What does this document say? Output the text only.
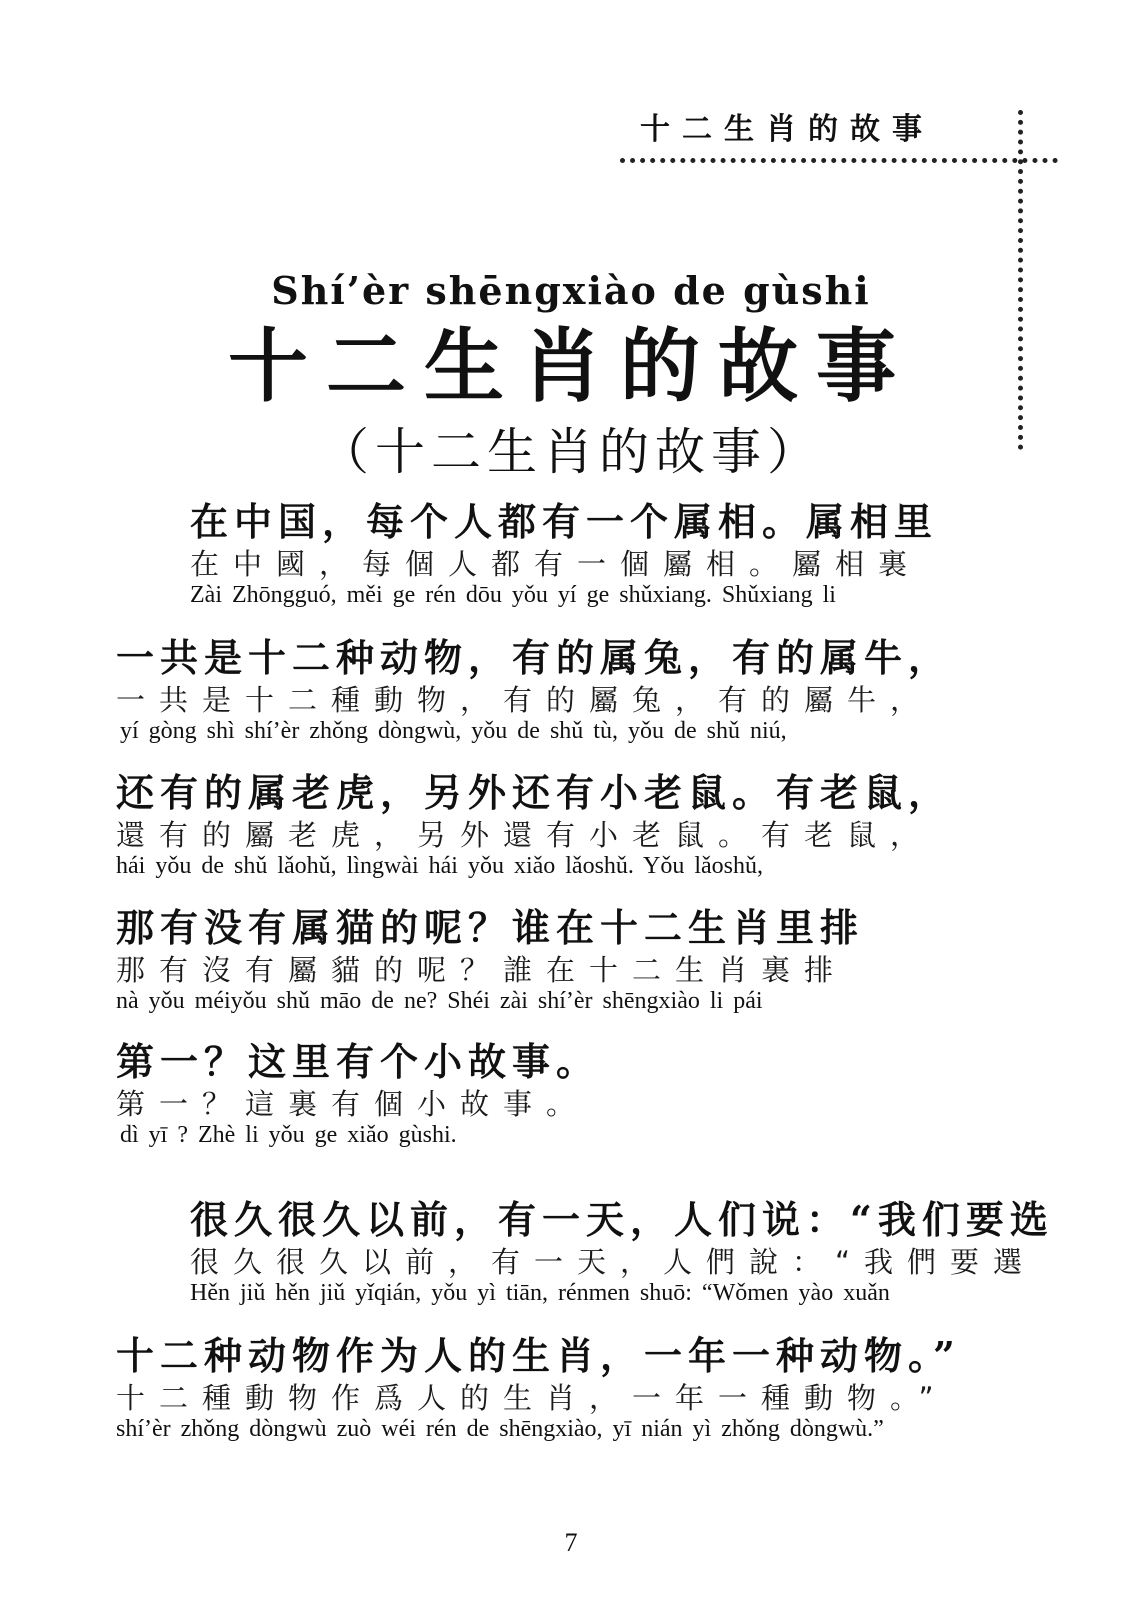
十二生肖的故事
Shí’èr shēngxiào de gùshi
十二生肖的故事
（十二生肖的故事）
在中国，每个人都有一个属相。属相里
在中國，每個人都有一個屬相。屬相裏
Zài Zhōngguó, měi ge rén dōu yǒu yí ge shǔxiang. Shǔxiang li
一共是十二种动物，有的属兔，有的属牛，
一共是十二種動物，有的屬兔，有的屬牛，
yí gòng shì shí’èr zhǒng dòngwù, yǒu de shǔ tù, yǒu de shǔ niú,
还有的属老虎，另外还有小老鼠。有老鼠，
還有的屬老虎，另外還有小老鼠。有老鼠，
hái yǒu de shǔ lǎohǔ, lìngwài hái yǒu xiǎo lǎoshǔ. Yǒu lǎoshǔ,
那有没有属猫的呢？谁在十二生肖里排
那有沒有屬貓的呢？誰在十二生肖裏排
nà yǒu méiyǒu shǔ māo de ne? Shéi zài shí’èr shēngxiào li pái
第一？这里有个小故事。
第一？這裏有個小故事。
dì yī ? Zhè li yǒu ge xiǎo gùshi.
很久很久以前，有一天，人们说：“我们要选
很久很久以前，有一天，人們說：“我們要選
Hěn jiǔ hěn jiǔ yǐqián, yǒu yì tiān, rénmen shuō: “Wǒmen yào xuǎn
十二种动物作为人的生肖，一年一种动物。”
十二種動物作爲人的生肖，一年一種動物。”
shí’èr zhǒng dòngwù zuò wéi rén de shēngxiào, yī nián yì zhǒng dòngwù.”
7
